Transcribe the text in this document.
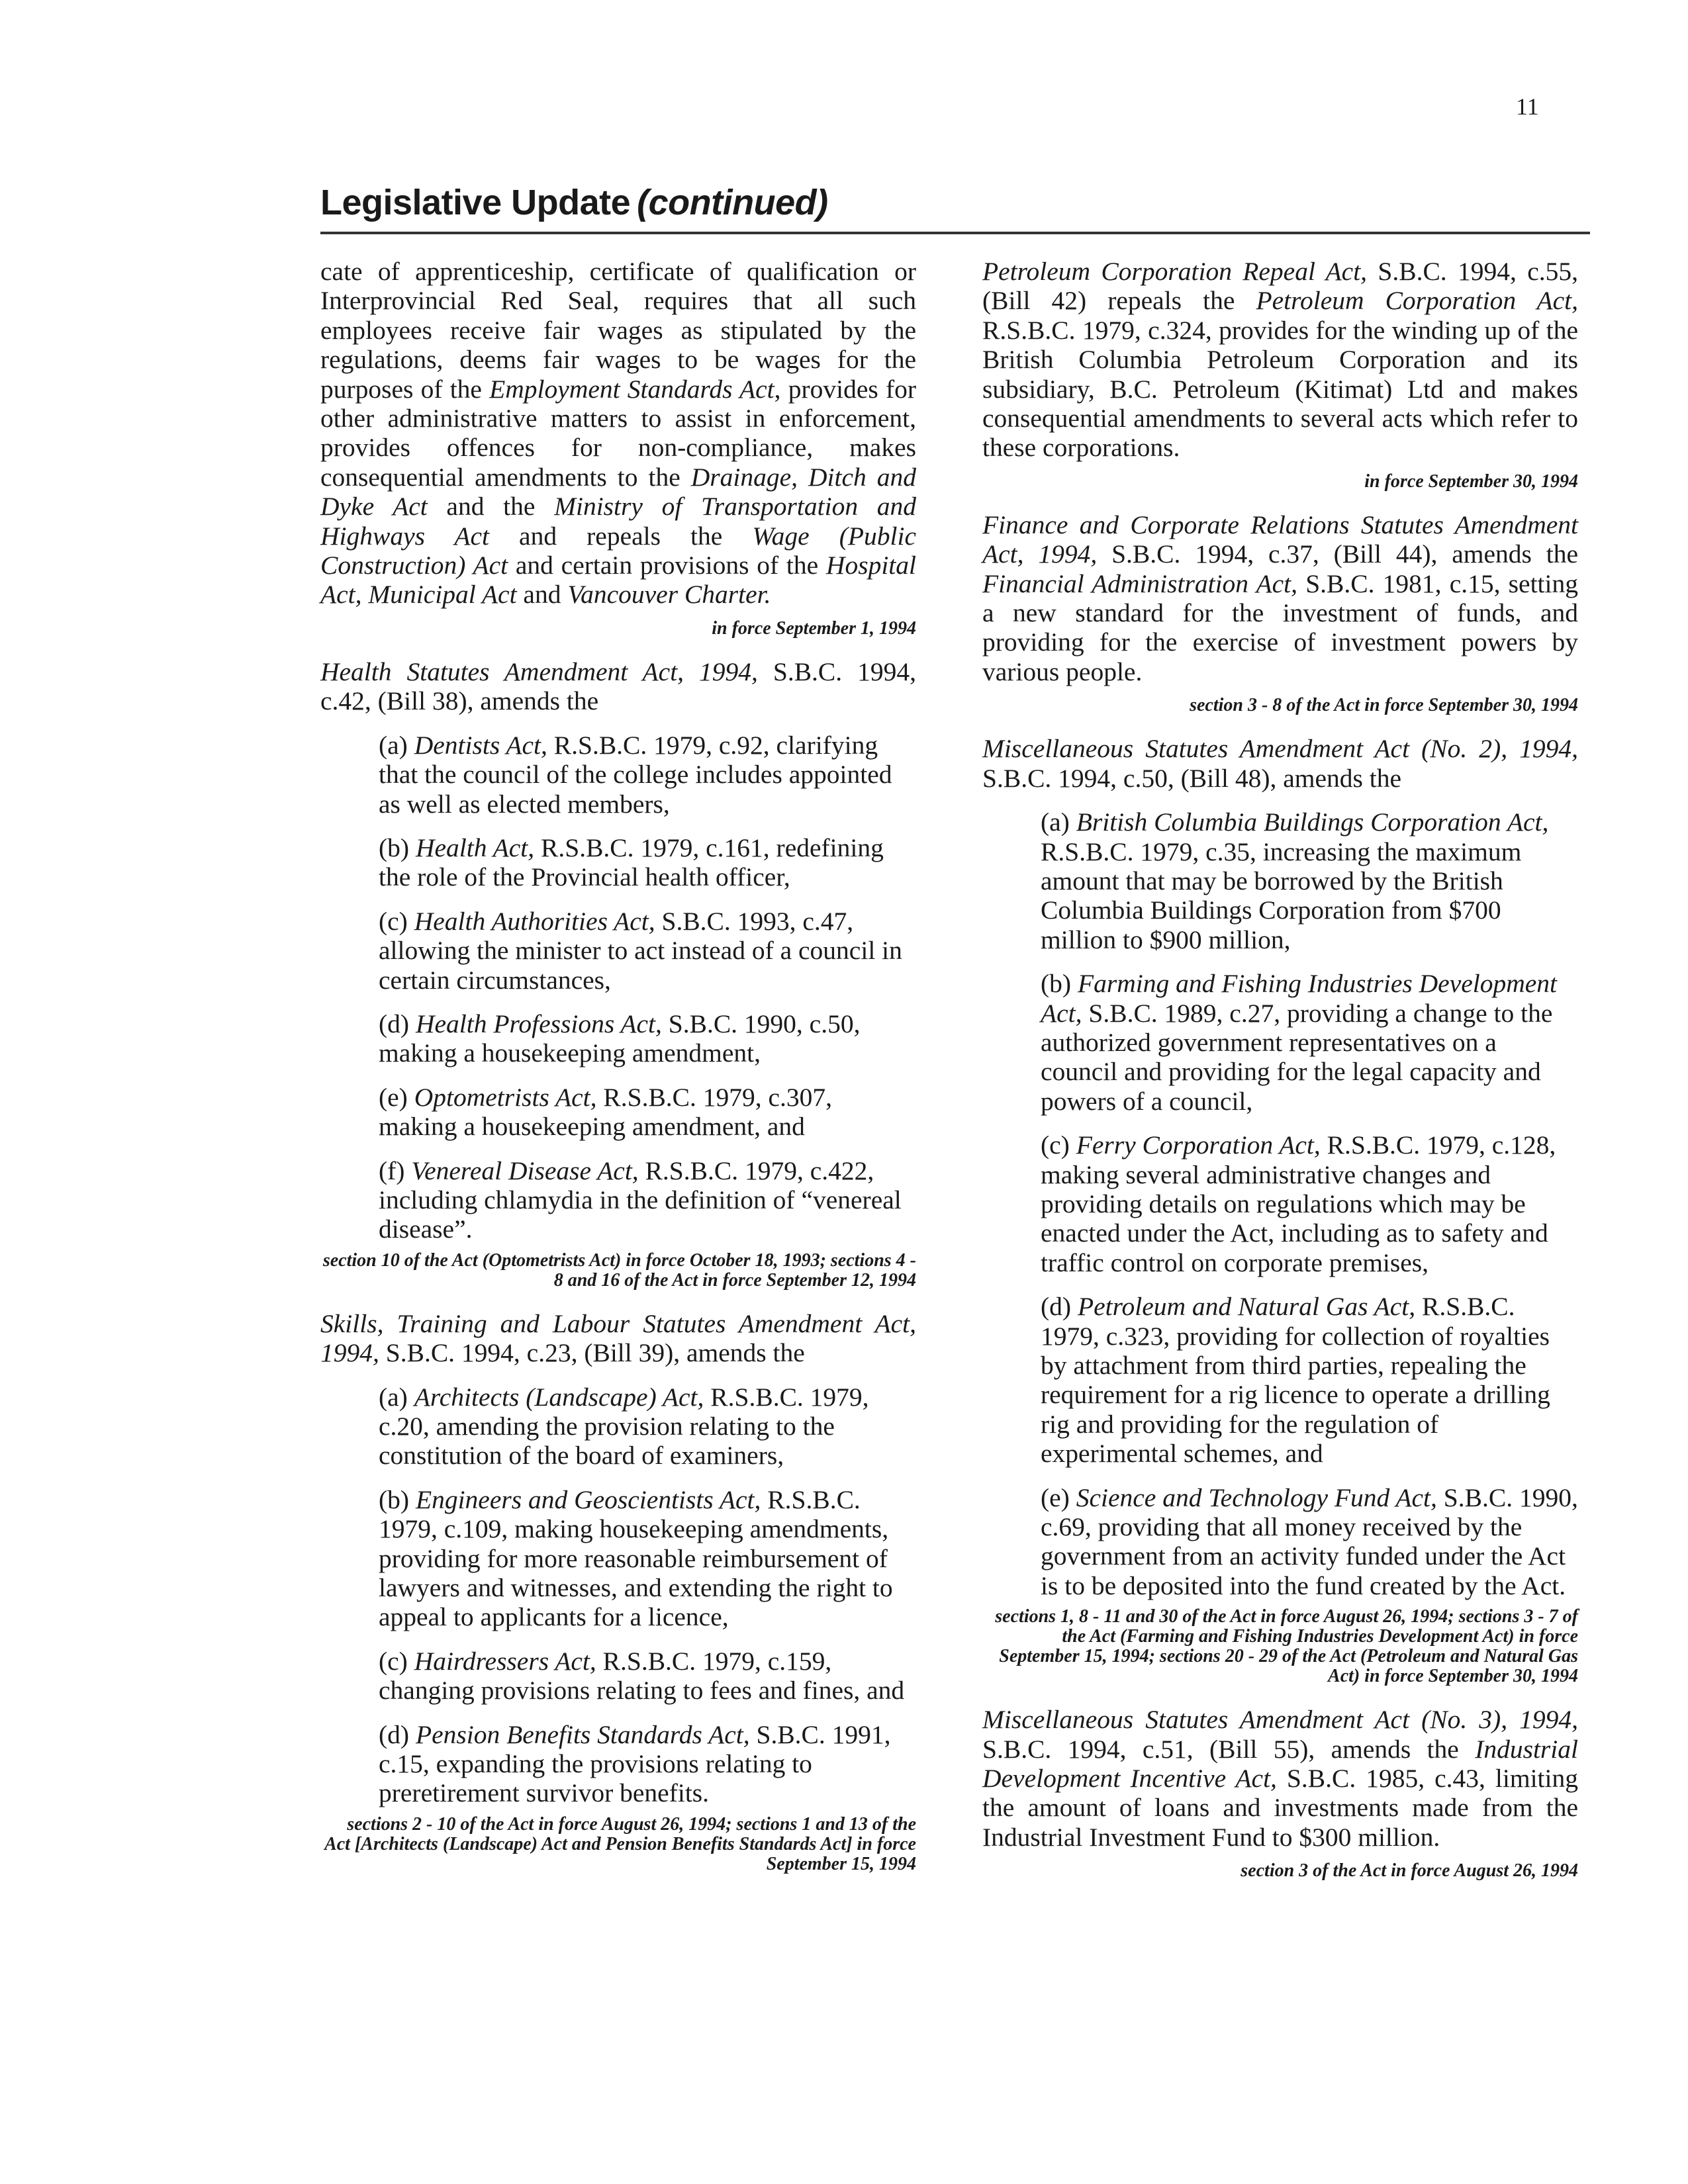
11
Legislative Update (continued)

cate of apprenticeship, certificate of qualification or Interprovincial Red Seal, requires that all such employees receive fair wages as stipulated by the regulations, deems fair wages to be wages for the purposes of the Employment Standards Act, provides for other administrative matters to assist in enforcement, provides offences for non-compliance, makes consequential amendments to the Drainage, Ditch and Dyke Act and the Ministry of Transportation and Highways Act and repeals the Wage (Public Construction) Act and certain provisions of the Hospital Act, Municipal Act and Vancouver Charter.

in force September 1, 1994

Health Statutes Amendment Act, 1994, S.B.C. 1994, c.42, (Bill 38), amends the

(a) Dentists Act, R.S.B.C. 1979, c.92, clarifying that the council of the college includes appointed as well as elected members,

(b) Health Act, R.S.B.C. 1979, c.161, redefining the role of the Provincial health officer,

(c) Health Authorities Act, S.B.C. 1993, c.47, allowing the minister to act instead of a council in certain circumstances,

(d) Health Professions Act, S.B.C. 1990, c.50, making a housekeeping amendment,

(e) Optometrists Act, R.S.B.C. 1979, c.307, making a housekeeping amendment, and

(f) Venereal Disease Act, R.S.B.C. 1979, c.422, including chlamydia in the definition of “venereal disease”.

section 10 of the Act (Optometrists Act) in force October 18, 1993; sections 4 - 8 and 16 of the Act in force September 12, 1994

Skills, Training and Labour Statutes Amendment Act, 1994, S.B.C. 1994, c.23, (Bill 39), amends the

(a) Architects (Landscape) Act, R.S.B.C. 1979, c.20, amending the provision relating to the constitution of the board of examiners,

(b) Engineers and Geoscientists Act, R.S.B.C. 1979, c.109, making housekeeping amendments, providing for more reasonable reimbursement of lawyers and witnesses, and extending the right to appeal to applicants for a licence,

(c) Hairdressers Act, R.S.B.C. 1979, c.159, changing provisions relating to fees and fines, and

(d) Pension Benefits Standards Act, S.B.C. 1991, c.15, expanding the provisions relating to preretirement survivor benefits.

sections 2 - 10 of the Act in force August 26, 1994; sections 1 and 13 of the Act [Architects (Landscape) Act and Pension Benefits Standards Act] in force September 15, 1994

Petroleum Corporation Repeal Act, S.B.C. 1994, c.55, (Bill 42) repeals the Petroleum Corporation Act, R.S.B.C. 1979, c.324, provides for the winding up of the British Columbia Petroleum Corporation and its subsidiary, B.C. Petroleum (Kitimat) Ltd and makes consequential amendments to several acts which refer to these corporations.

in force September 30, 1994

Finance and Corporate Relations Statutes Amendment Act, 1994, S.B.C. 1994, c.37, (Bill 44), amends the Financial Administration Act, S.B.C. 1981, c.15, setting a new standard for the investment of funds, and providing for the exercise of investment powers by various people.

section 3 - 8 of the Act in force September 30, 1994

Miscellaneous Statutes Amendment Act (No. 2), 1994, S.B.C. 1994, c.50, (Bill 48), amends the

(a) British Columbia Buildings Corporation Act, R.S.B.C. 1979, c.35, increasing the maximum amount that may be borrowed by the British Columbia Buildings Corporation from $700 million to $900 million,

(b) Farming and Fishing Industries Development Act, S.B.C. 1989, c.27, providing a change to the authorized government representatives on a council and providing for the legal capacity and powers of a council,

(c) Ferry Corporation Act, R.S.B.C. 1979, c.128, making several administrative changes and providing details on regulations which may be enacted under the Act, including as to safety and traffic control on corporate premises,

(d) Petroleum and Natural Gas Act, R.S.B.C. 1979, c.323, providing for collection of royalties by attachment from third parties, repealing the requirement for a rig licence to operate a drilling rig and providing for the regulation of experimental schemes, and

(e) Science and Technology Fund Act, S.B.C. 1990, c.69, providing that all money received by the government from an activity funded under the Act is to be deposited into the fund created by the Act.

sections 1, 8 - 11 and 30 of the Act in force August 26, 1994; sections 3 - 7 of the Act (Farming and Fishing Industries Development Act) in force September 15, 1994; sections 20 - 29 of the Act (Petroleum and Natural Gas Act) in force September 30, 1994

Miscellaneous Statutes Amendment Act (No. 3), 1994, S.B.C. 1994, c.51, (Bill 55), amends the Industrial Development Incentive Act, S.B.C. 1985, c.43, limiting the amount of loans and investments made from the Industrial Investment Fund to $300 million.

section 3 of the Act in force August 26, 1994
